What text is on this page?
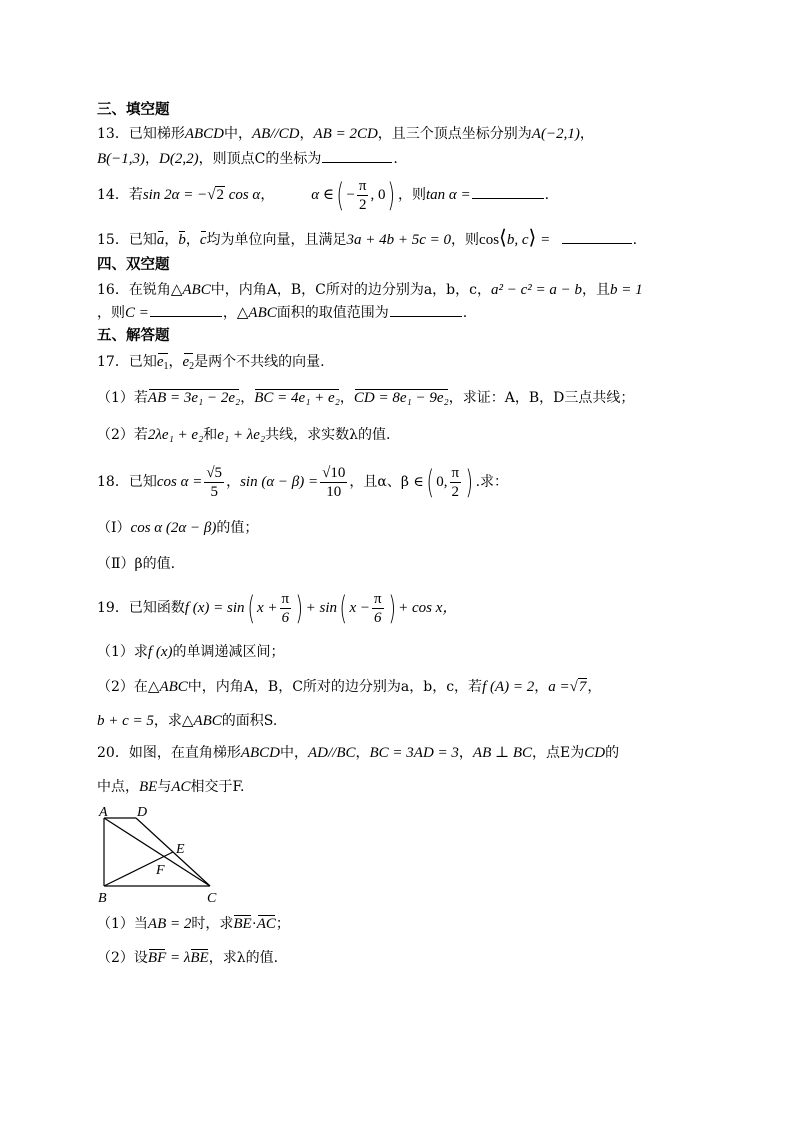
三、填空题
13．已知梯形ABCD中，AB//CD，AB = 2CD，且三个顶点坐标分别为A(−2,1)，
B(−1,3)，D(2,2)，则顶点C的坐标为	.
14．若sin 2α = −√2 cos α， α ∈( − $\frac{\pi}{2}$ , 0) ，则tan α =	.
15．已知a，b，c均为单位向量，且满足3a + 4b + 5c = 0，则cos⟨b, c⟩ =	.
四、双空题
16．在锐角△ABC中，内角A，B，C所对的边分别为a，b，c，a² − c² = a − b，且b = 1
，则C =	，△ABC面积的取值范围为	.
五、解答题
17．已知$e_1$，$e_2$是两个不共线的向量.
（1）若AB = 3e₁ − 2e₂，BC = 4e₁ + e₂，CD = 8e₁ − 9e₂，求证：A，B，D三点共线；
（2）若2λe₁ + e₂和e₁ + λe₂共线，求实数λ的值.
18．已知$\cos \alpha = \frac{√5}{5}$ ，$\sin (\alpha - \beta) = \frac{√10}{10}$ ，且α、β ∈( 0, $\frac{\pi}{2}$ ) .求：
（Ⅰ）cos α (2α − β)的值；
（Ⅱ）β的值.
19．已知函数f (x) = sin( $x + \frac{\pi}{6}$ ) + sin( $x - \frac{\pi}{6}$ ) + cos x，
（1）求f (x)的单调递减区间；
（2）在△ABC中，内角A，B，C所对的边分别为a，b，c，若f (A) = 2，a =√7，
b + c = 5，求△ABC的面积S.
20．如图，在直角梯形ABCD中，AD//BC，BC = 3AD = 3，AB ⊥ BC，点E为CD的
中点，BE与AC相交于F.
A D
E
F
B	C
（1）当AB = 2时，求BE·AC；
（2）设BF = λBE，求λ的值.
